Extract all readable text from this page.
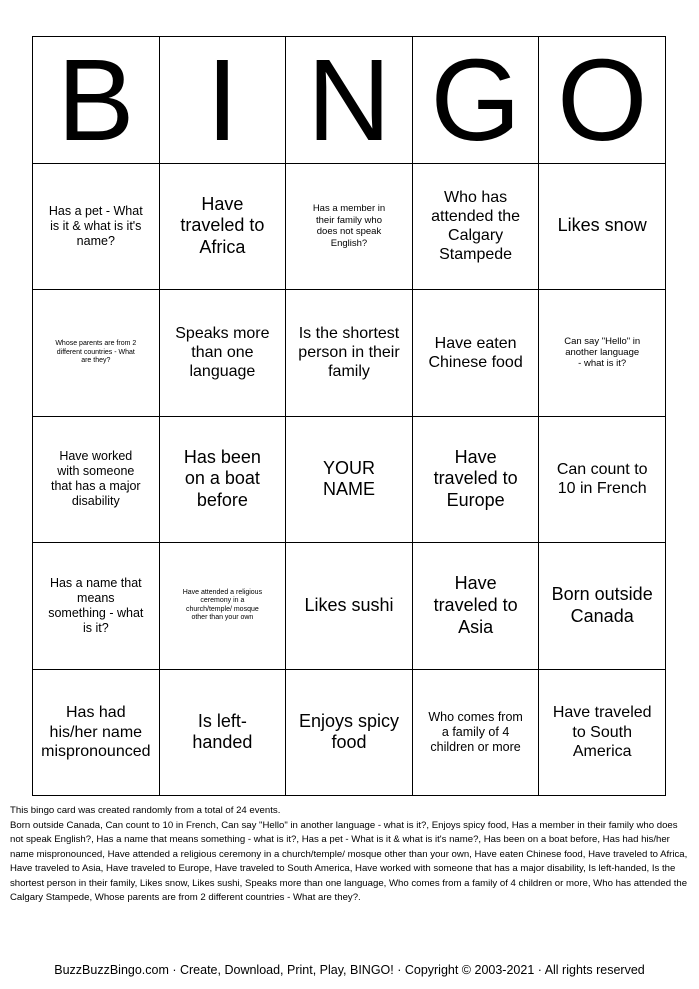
B I N G O
Has a pet - What is it & what is it's name?
Have traveled to Africa
Has a member in their family who does not speak English?
Who has attended the Calgary Stampede
Likes snow
Whose parents are from 2 different countries - What are they?
Speaks more than one language
Is the shortest person in their family
Have eaten Chinese food
Can say "Hello" in another language - what is it?
Have worked with someone that has a major disability
Has been on a boat before
YOUR NAME
Have traveled to Europe
Can count to 10 in French
Has a name that means something - what is it?
Have attended a religious ceremony in a church/temple/ mosque other than your own
Likes sushi
Have traveled to Asia
Born outside Canada
Has had his/her name mispronounced
Is left-handed
Enjoys spicy food
Who comes from a family of 4 children or more
Have traveled to South America

This bingo card was created randomly from a total of 24 events.

Born outside Canada, Can count to 10 in French, Can say "Hello" in another language - what is it?, Enjoys spicy food, Has a member in their family who does not speak English?, Has a name that means something - what is it?, Has a pet - What is it & what is it's name?, Has been on a boat before, Has had his/her name mispronounced, Have attended a religious ceremony in a church/temple/ mosque other than your own, Have eaten Chinese food, Have traveled to Africa, Have traveled to Asia, Have traveled to Europe, Have traveled to South America, Have worked with someone that has a major disability, Is left-handed, Is the shortest person in their family, Likes snow, Likes sushi, Speaks more than one language, Who comes from a family of 4 children or more, Who has attended the Calgary Stampede, Whose parents are from 2 different countries - What are they?.

BuzzBuzzBingo.com · Create, Download, Print, Play, BINGO! · Copyright © 2003-2021 · All rights reserved
